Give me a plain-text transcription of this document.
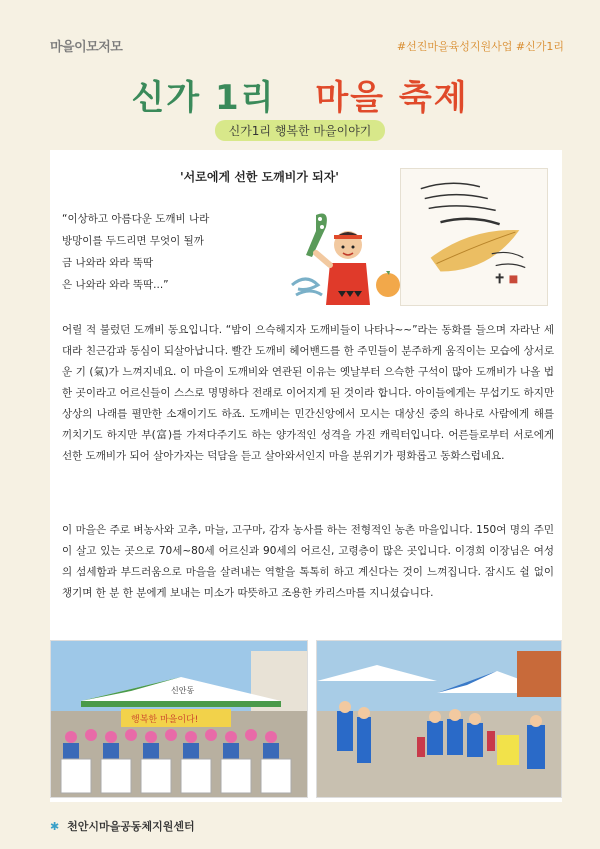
마을이모저모	#선진마을육성지원사업 #신가1리
신가 1리 마을 축제
신가1리 행복한 마을이야기
'서로에게 선한 도깨비가 되자'
“이상하고 아름다운 도깨비 나라
방망이를 두드리면 무엇이 될까
금 나와라 와라 뚝딱
은 나와라 와라 뚝딱...”

어릴 적 불렀던 도깨비 동요입니다. “밤이 으슥해지자 도깨비들이 나타나~~”라는 동화를 들으며 자라난 세대라 친근감과 동심이 되살아납니다. 빨간 도깨비 헤어밴드를 한 주민들이 분주하게 움직이는 모습에 상서로운 기 (氣)가 느껴지네요. 이 마을이 도깨비와 연관된 이유는 옛날부터 으슥한 구석이 많아 도깨비가 나올 법한 곳이라고 어르신들이 스스로 명명하다 전래로 이어지게 된 것이라 합니다. 아이들에게는 무섭기도 하지만 상상의 나래를 펼만한 소재이기도 하죠. 도깨비는 민간신앙에서 모시는 대상신 중의 하나로 사람에게 해를 끼치기도 하지만 부(富)를 가져다주기도 하는 양가적인 성격을 가진 캐릭터입니다. 어른들로부터 서로에게 선한 도깨비가 되어 살아가자는 덕담을 듣고 살아와서인지 마을 분위기가 평화롭고 동화스럽네요.

이 마을은 주로 벼농사와 고추, 마늘, 고구마, 감자 농사를 하는 전형적인 농촌 마을입니다. 150여 명의 주민이 살고 있는 곳으로 70세~80세 어르신과 90세의 어르신, 고령층이 많은 곳입니다. 이경희 이장님은 여성의 섬세함과 부드러움으로 마을을 살려내는 역할을 톡톡히 하고 계신다는 것이 느껴집니다. 잠시도 쉴 없이 챙기며 한 분 한 분에게 보내는 미소가 따뜻하고 조용한 카리스마를 지니셨습니다.

신안동
행복한 마을이다!
✱ 천안시마을공동체지원센터
